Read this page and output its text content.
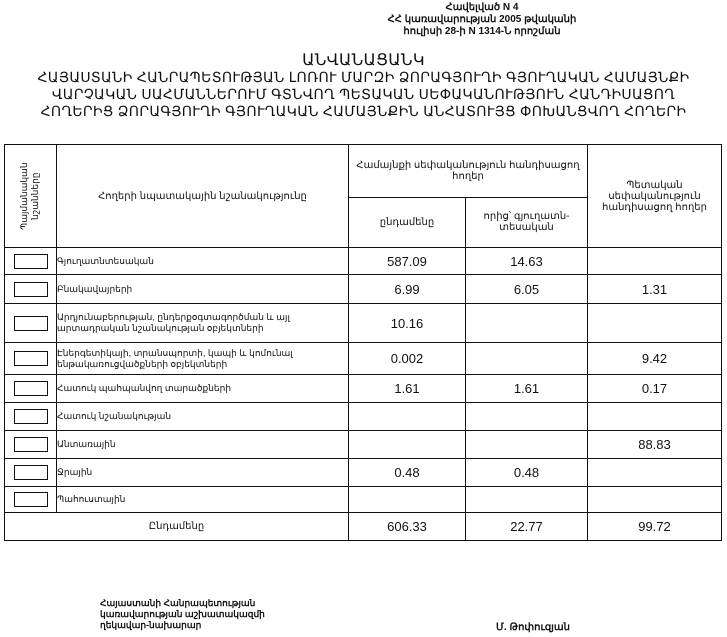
Հավելված N 4
ՀՀ կառավարության 2005 թվականի
հուլիսի 28-ի N 1314-Ն որոշման
ԱՆՎԱՆԱՑԱՆԿ
ՀԱՅԱՍՏԱՆԻ ՀԱՆՐԱՊԵՏՈՒԹՅԱՆ ԼՈՌՈՒ ՄԱՐԶԻ ՁՈՐԱԳՅՈՒՂԻ ԳՅՈՒՂԱԿԱՆ ՀԱՄԱՅՆՔԻ
ՎԱՐՉԱԿԱՆ ՍԱՀՄԱՆՆԵՐՈՒՄ ԳՏՆՎՈՂ ՊԵՏԱԿԱՆ ՍԵՓԱԿԱՆՈՒԹՅՈՒՆ ՀԱՆԴԻՍԱՑՈՂ
ՀՈՂԵՐԻՑ ՁՈՐԱԳՅՈՒՂԻ ԳՅՈՒՂԱԿԱՆ ՀԱՄԱՅՆՔԻՆ ԱՆՀԱՏՈՒՅՑ ՓՈԽԱՆՑՎՈՂ ՀՈՂԵՐԻ
Պայմանական նշանները	Հողերի նպատակային նշանակությունը	Համայնքի սեփականություն հանդիսացող հողեր		Պետական սեփականություն հանդիսացող հողեր
		ընդամենը	որից՝ գյուղատն- տեսական	

	Գյուղատնտեսական	587.09	14.63	

	Բնակավայրերի	6.99	6.05	1.31

	Արդյունաբերության, ընդերքօգտագործման և այլ արտադրական նշանակության օբյեկտների	10.16		

	Էներգետիկայի, տրանսպորտի, կապի և կոմունալ ենթակառուցվածքների օբյեկտների	0.002		9.42

	Հատուկ պահպանվող տարածքների	1.61	1.61	0.17

	Հատուկ նշանակության			

	Անտառային			88.83

	Ջրային	0.48	0.48	

	Պահուստային			
Ընդամենը		606.33	22.77	99.72
Հայաստանի Հանրապետության
կառավարության աշխատակազմի
ղեկավար-նախարար	Մ. Թոփուզյան
